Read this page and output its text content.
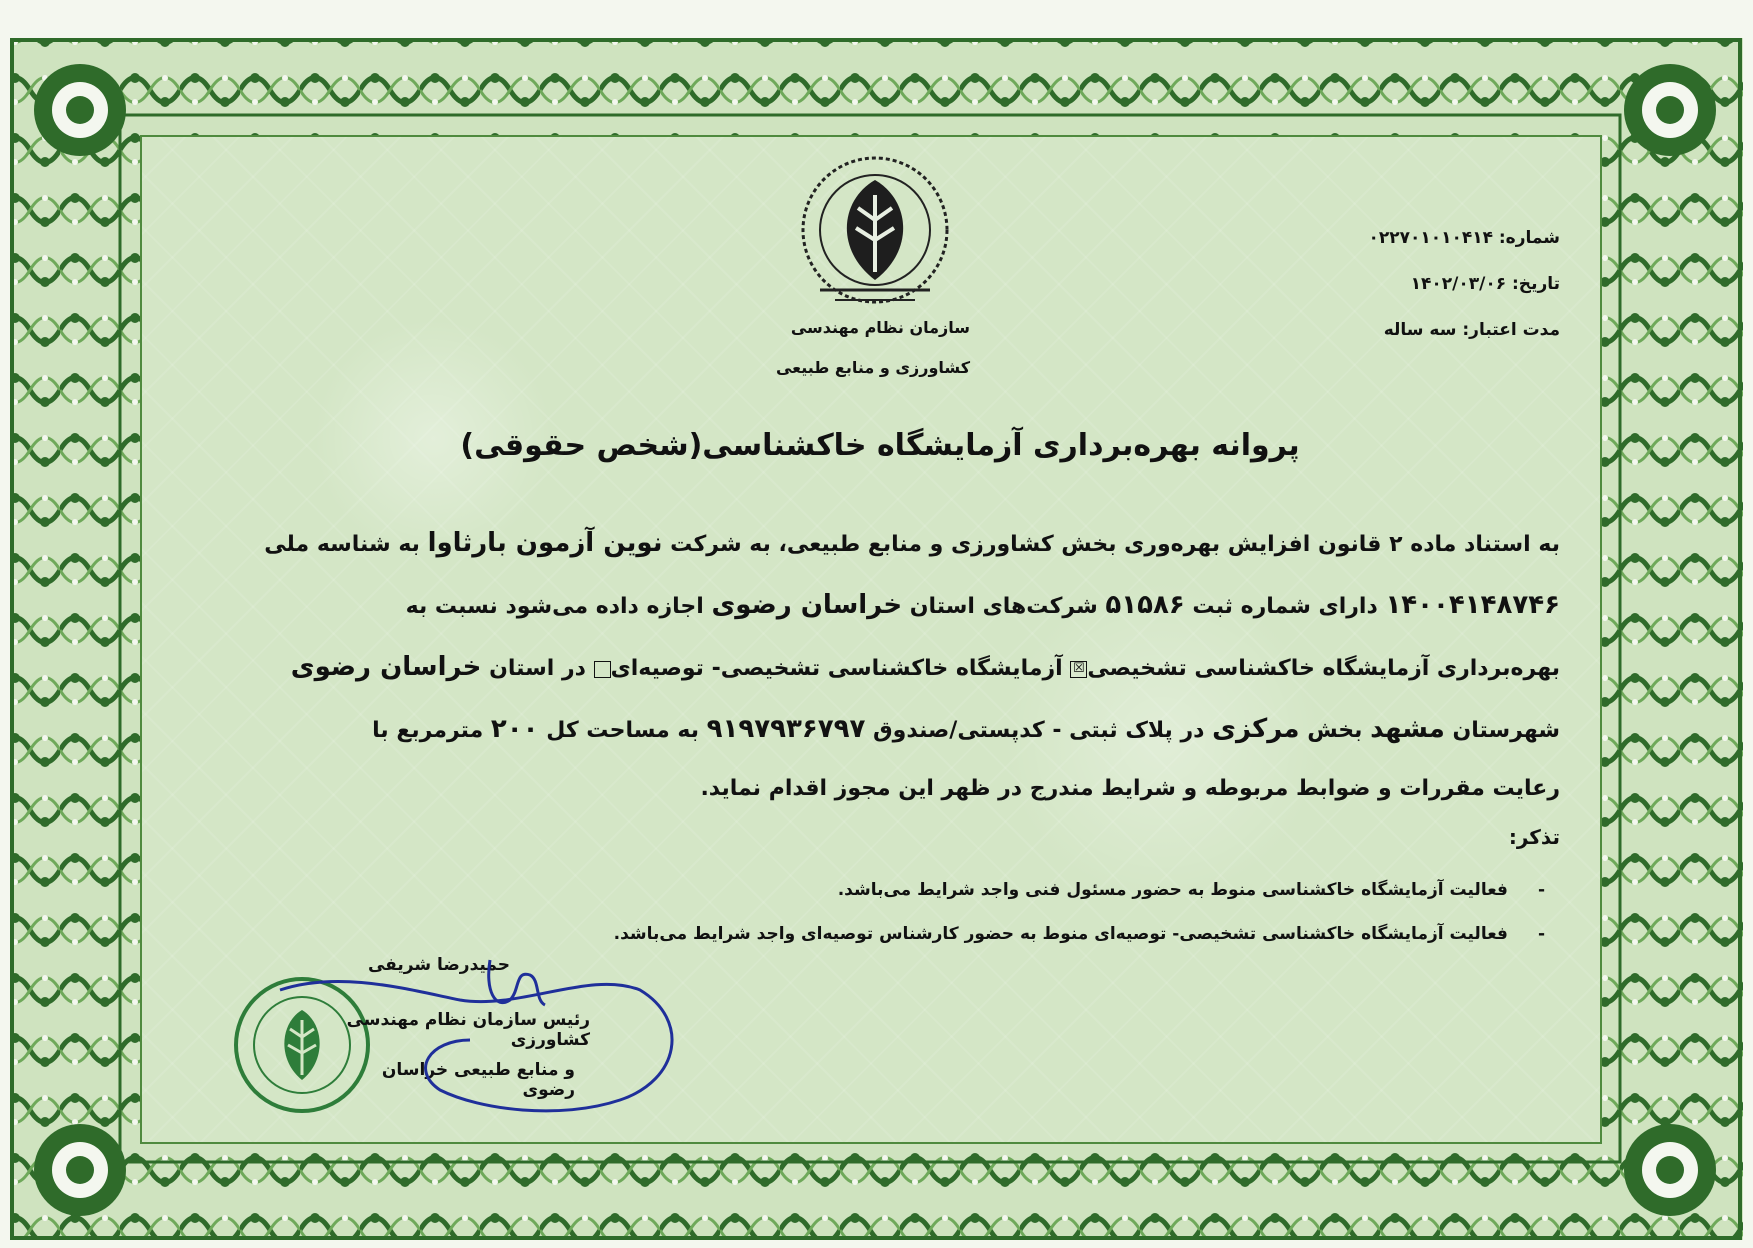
سازمان نظام مهندسی
کشاورزی و منابع طبیعی
شماره: ۰۲۲۷۰۱۰۱۰۴۱۴
تاریخ: ۱۴۰۲/۰۳/۰۶
مدت اعتبار: سه ساله
پروانه بهره‌برداری آزمایشگاه خاکشناسی(شخص حقوقی)
به استناد ماده ۲ قانون افزایش بهره‌وری بخش کشاورزی و منابع طبیعی، به شرکت نوین آزمون بارثاوا به شناسه ملی
۱۴۰۰۴۱۴۸۷۴۶ دارای شماره ثبت ۵۱۵۸۶ شرکت‌های استان خراسان رضوی اجازه داده می‌شود نسبت به
بهره‌برداری آزمایشگاه خاکشناسی تشخیصی☒ آزمایشگاه خاکشناسی تشخیصی- توصیه‌ای در استان خراسان رضوی
شهرستان مشهد بخش مرکزی در پلاک ثبتی - کدپستی/صندوق ۹۱۹۷۹۳۶۷۹۷ به مساحت کل ۲۰۰ مترمربع با
رعایت مقررات و ضوابط مربوطه و شرایط مندرج در ظهر این مجوز اقدام نماید.
تذکر:
-فعالیت آزمایشگاه خاکشناسی منوط به حضور مسئول فنی واجد شرایط می‌باشد.
-فعالیت آزمایشگاه خاکشناسی تشخیصی- توصیه‌ای منوط به حضور کارشناس توصیه‌ای واجد شرایط می‌باشد.
حمیدرضا شریفی
رئیس سازمان نظام مهندسی کشاورزی
و منابع طبیعی خراسان رضوی
